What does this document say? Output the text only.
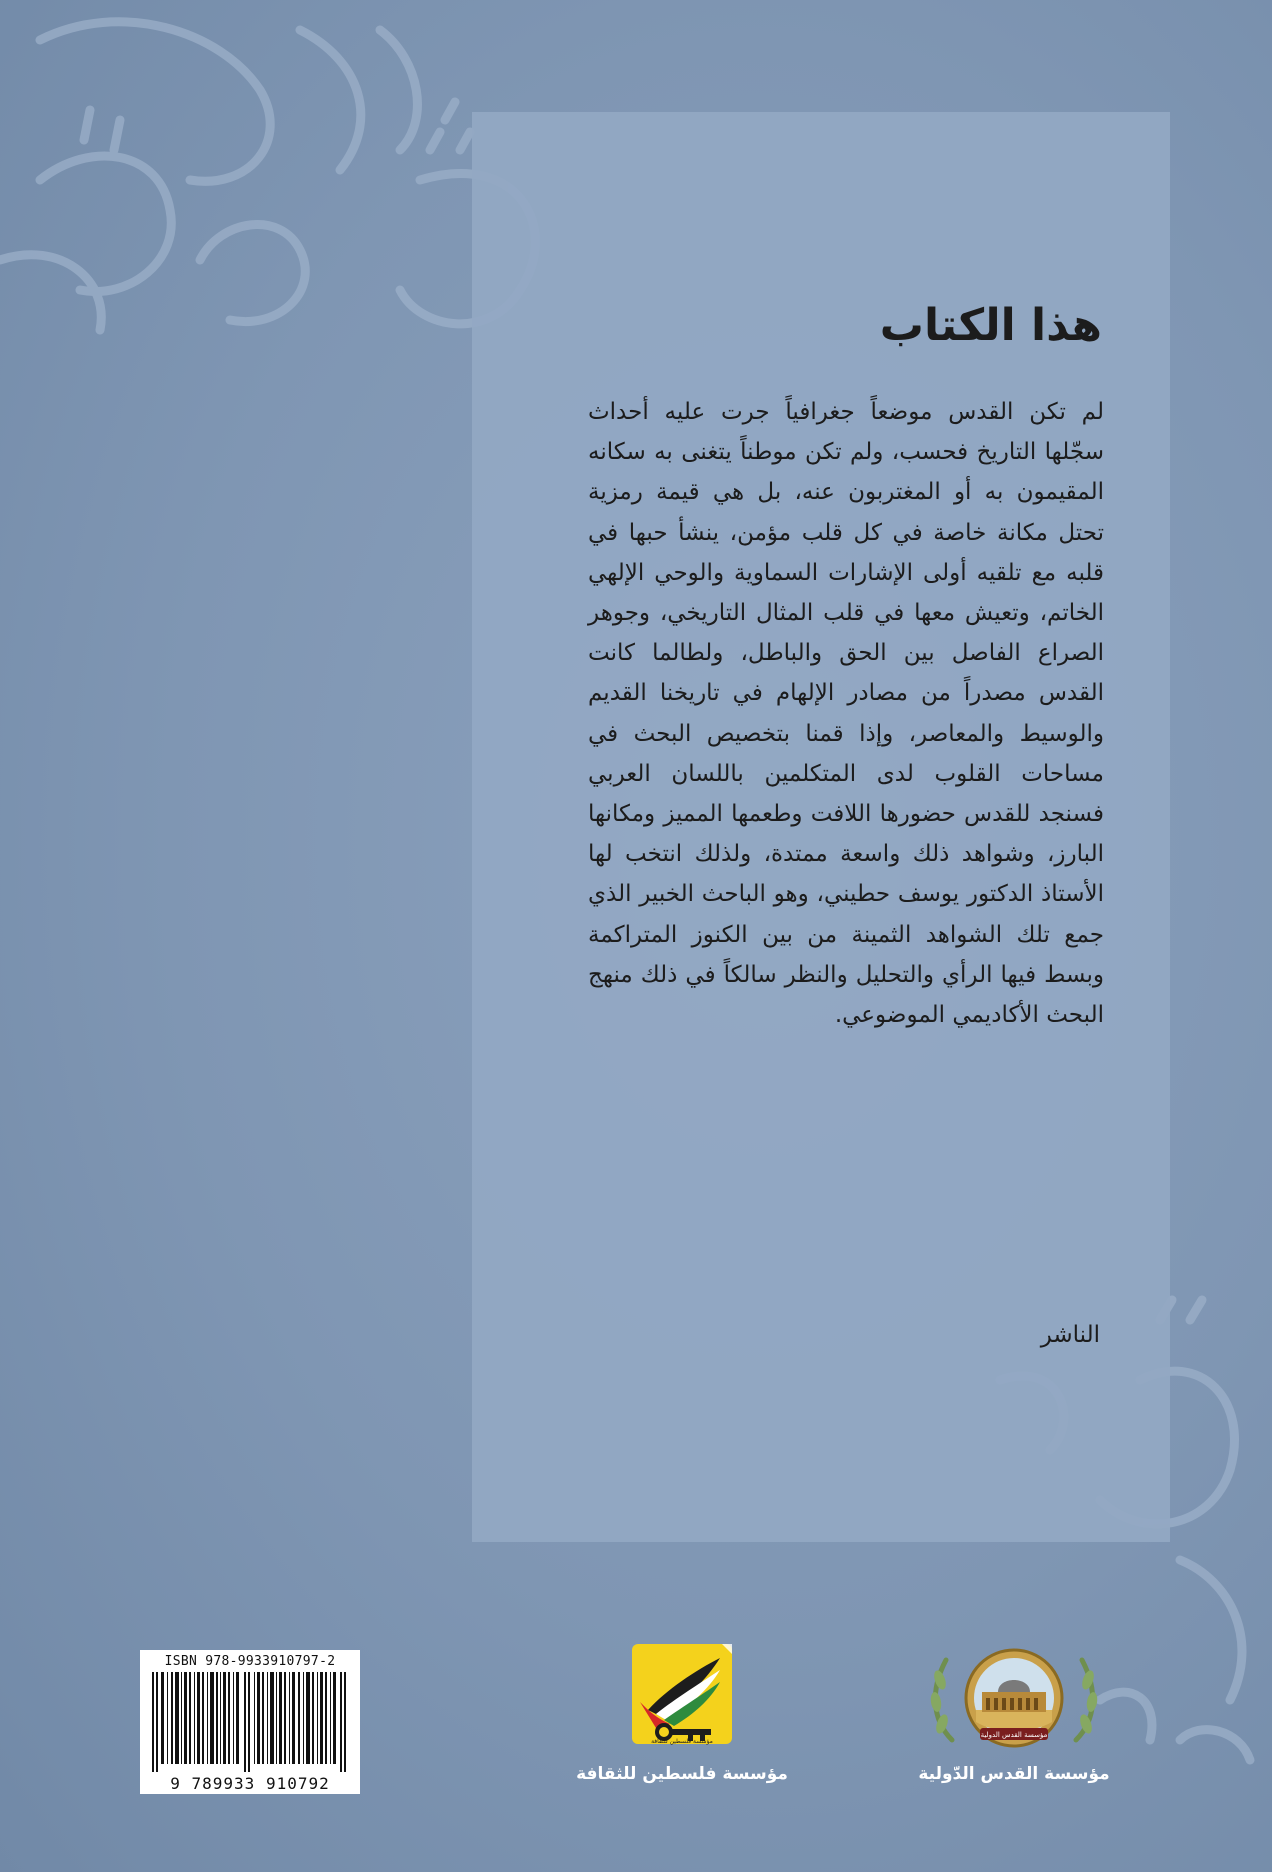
هذا الكتاب

لم تكن القدس موضعاً جغرافياً جرت عليه أحداث سجّلها التاريخ فحسب، ولم تكن موطناً يتغنى به سكانه المقيمون به أو المغتربون عنه، بل هي قيمة رمزية تحتل مكانة خاصة في كل قلب مؤمن، ينشأ حبها في قلبه مع تلقيه أولى الإشارات السماوية والوحي الإلهي الخاتم، وتعيش معها في قلب المثال التاريخي، وجوهر الصراع الفاصل بين الحق والباطل، ولطالما كانت القدس مصدراً من مصادر الإلهام في تاريخنا القديم والوسيط والمعاصر، وإذا قمنا بتخصيص البحث في مساحات القلوب لدى المتكلمين باللسان العربي فسنجد للقدس حضورها اللافت وطعمها المميز ومكانها البارز، وشواهد ذلك واسعة ممتدة، ولذلك انتخب لها الأستاذ الدكتور يوسف حطيني، وهو الباحث الخبير الذي جمع تلك الشواهد الثمينة من بين الكنوز المتراكمة وبسط فيها الرأي والتحليل والنظر سالكاً في ذلك منهج البحث الأكاديمي الموضوعي.

الناشر
ISBN 978-9933910797-2
9 789933 910792
مؤسسة فلسطين للثقافة
مؤسسة فلسطين للثقافة
مؤسسة القدس الدولية
مؤسسة القدس الدّولية
